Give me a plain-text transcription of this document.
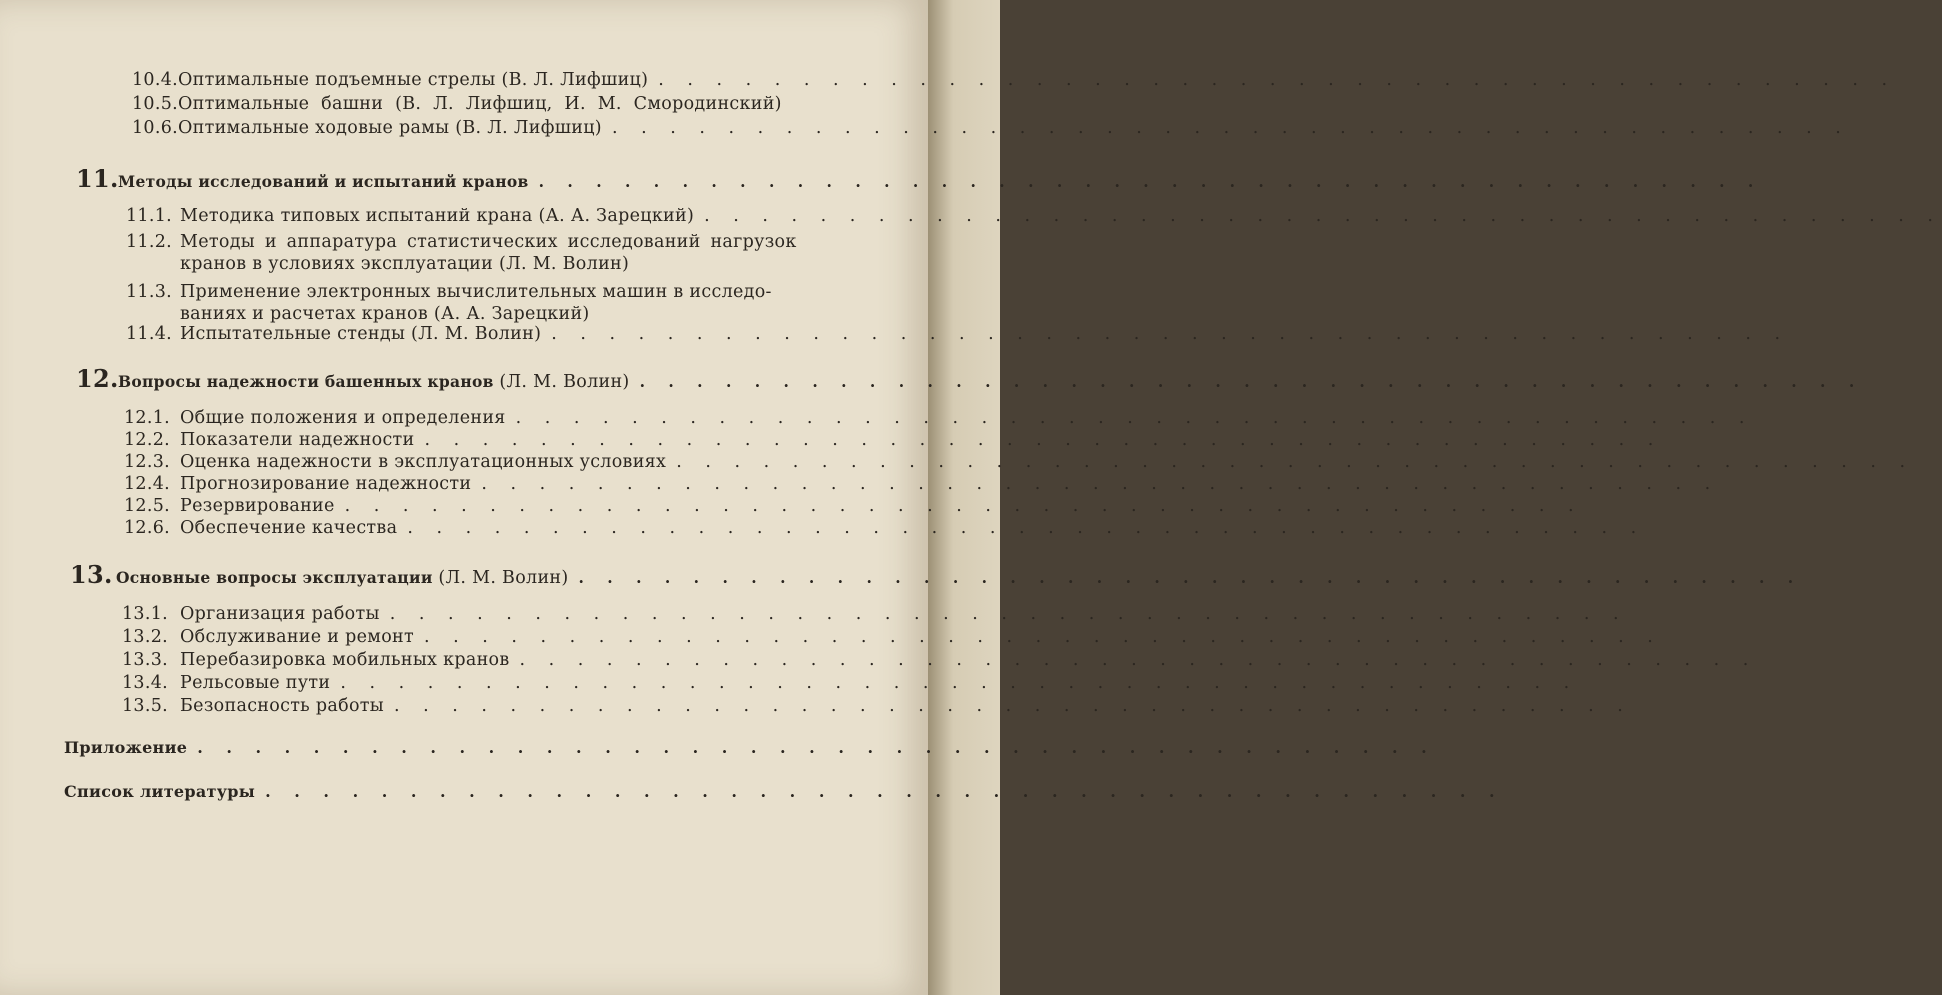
10.4. Оптимальные подъемные стрелы (В. Л. Лифшиц) . . . . . . . . . . . . . . . . . . . . . . . . . . . . . . . . . . . . . . . . . . .
10.5. Оптимальные башни (В. Л. Лифшиц, И. М. Смородинский)
10.6. Оптимальные ходовые рамы (В. Л. Лифшиц) . . . . . . . . . . . . . . . . . . . . . . . . . . . . . . . . . . . . . . . . . . .
11. Методы исследований и испытаний кранов . . . . . . . . . . . . . . . . . . . . . . . . . . . . . . . . . . . . . . . . . . .
11.1. Методика типовых испытаний крана (А. А. Зарецкий) . . . . . . . . . . . . . . . . . . . . . . . . . . . . . . . . . . . . . . . . . . .
11.2. Методы и аппаратура статистических исследований нагрузок
кранов в условиях эксплуатации (Л. М. Волин)
11.3. Применение электронных вычислительных машин в исследо-
ваниях и расчетах кранов (А. А. Зарецкий)
11.4. Испытательные стенды (Л. М. Волин) . . . . . . . . . . . . . . . . . . . . . . . . . . . . . . . . . . . . . . . . . . .
12. Вопросы надежности башенных кранов (Л. М. Волин) . . . . . . . . . . . . . . . . . . . . . . . . . . . . . . . . . . . . . . . . . . .
12.1. Общие положения и определения . . . . . . . . . . . . . . . . . . . . . . . . . . . . . . . . . . . . . . . . . . .
12.2. Показатели надежности . . . . . . . . . . . . . . . . . . . . . . . . . . . . . . . . . . . . . . . . . . .
12.3. Оценка надежности в эксплуатационных условиях . . . . . . . . . . . . . . . . . . . . . . . . . . . . . . . . . . . . . . . . . . .
12.4. Прогнозирование надежности . . . . . . . . . . . . . . . . . . . . . . . . . . . . . . . . . . . . . . . . . . .
12.5. Резервирование . . . . . . . . . . . . . . . . . . . . . . . . . . . . . . . . . . . . . . . . . . .
12.6. Обеспечение качества . . . . . . . . . . . . . . . . . . . . . . . . . . . . . . . . . . . . . . . . . . .
13. Основные вопросы эксплуатации (Л. М. Волин) . . . . . . . . . . . . . . . . . . . . . . . . . . . . . . . . . . . . . . . . . . .
13.1. Организация работы . . . . . . . . . . . . . . . . . . . . . . . . . . . . . . . . . . . . . . . . . . .
13.2. Обслуживание и ремонт . . . . . . . . . . . . . . . . . . . . . . . . . . . . . . . . . . . . . . . . . . .
13.3. Перебазировка мобильных кранов . . . . . . . . . . . . . . . . . . . . . . . . . . . . . . . . . . . . . . . . . . .
13.4. Рельсовые пути . . . . . . . . . . . . . . . . . . . . . . . . . . . . . . . . . . . . . . . . . . .
13.5. Безопасность работы . . . . . . . . . . . . . . . . . . . . . . . . . . . . . . . . . . . . . . . . . . .
Приложение . . . . . . . . . . . . . . . . . . . . . . . . . . . . . . . . . . . . . . . . . . .
Список литературы . . . . . . . . . . . . . . . . . . . . . . . . . . . . . . . . . . . . . . . . . . .
